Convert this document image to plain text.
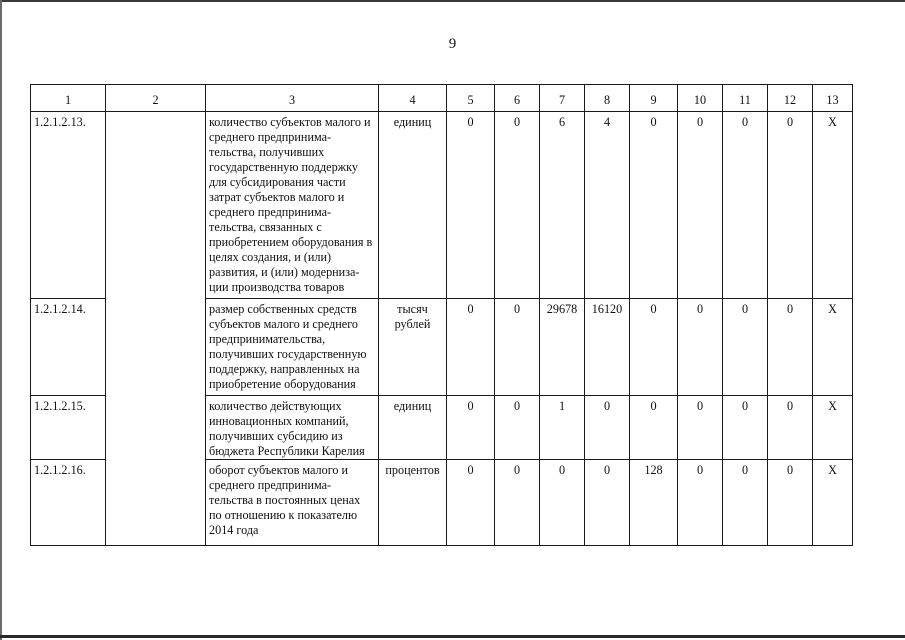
9
1	2	3	4	5	6	7	8	9	10	11	12	13
1.2.1.2.13.		количество субъектов малого и среднего предпринима-тельства, получивших государственную поддержку для субсидирования части затрат субъектов малого и среднего предпринима-тельства, связанных с приобретением оборудования в целях создания, и (или) развития, и (или) модерниза-ции производства товаров	единиц	0	0	6	4	0	0	0	0	X
1.2.1.2.14.		размер собственных средств субъектов малого и среднего предпринимательства, получивших государственную поддержку, направленных на приобретение оборудования	тысяч рублей	0	0	29678	16120	0	0	0	0	X
1.2.1.2.15.		количество действующих инновационных компаний, получивших субсидию из бюджета Республики Карелия	единиц	0	0	1	0	0	0	0	0	X
1.2.1.2.16.		оборот субъектов малого и среднего предпринима-тельства в постоянных ценах по отношению к показателю 2014 года	процентов	0	0	0	0	128	0	0	0	X
